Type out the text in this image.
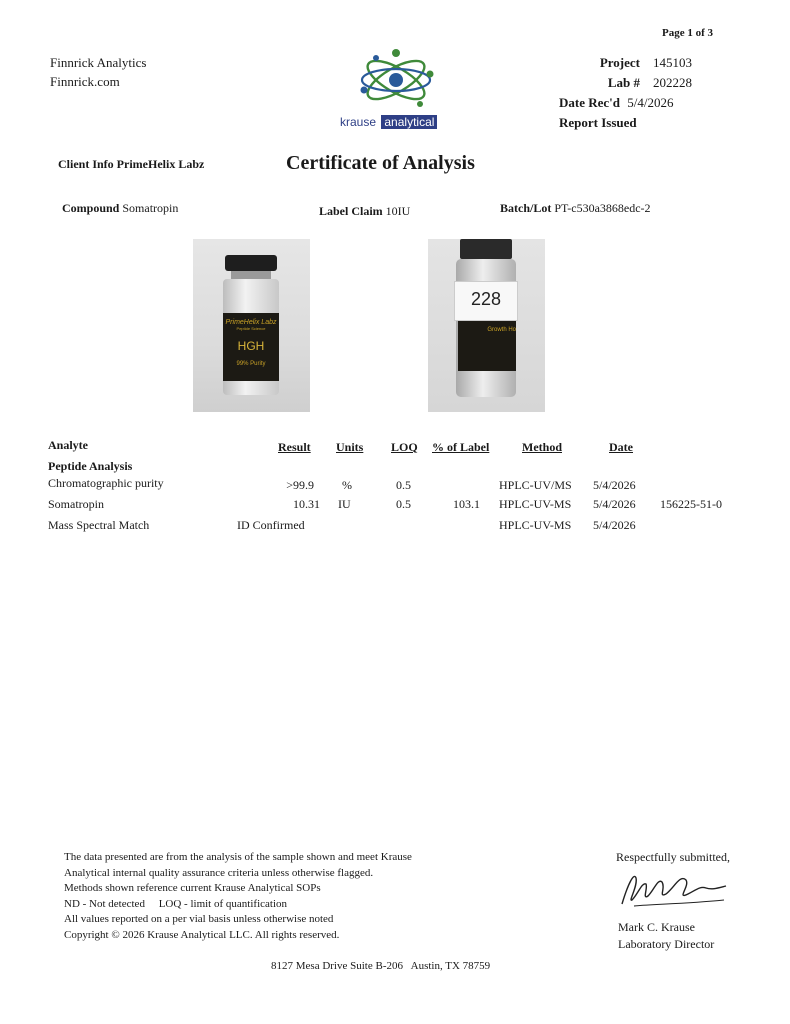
Page 1 of 3
Finnrick Analytics
Finnrick.com
krause analytical
Project 145103
Lab # 202228
Date Rec'd 5/4/2026
Report Issued
Client Info PrimeHelix Labz	Certificate of Analysis
Compound Somatropin	Label Claim 10IU	Batch/Lot PT-c530a3868edc-2
PrimeHelix Labz
Peptide Science
HGH
99% Purity
228
Growth Ho
Analyte	Result Units LOQ % of Label	Method	Date
Peptide Analysis
Chromatographic purity	>99.9 %	0.5	HPLC-UV/MS 5/4/2026
Somatropin	10.31 IU	0.5	103.1 HPLC-UV-MS 5/4/2026 156225-51-0
Mass Spectral Match	ID Confirmed	HPLC-UV-MS 5/4/2026
The data presented are from the analysis of the sample shown and meet Krause
Analytical internal quality assurance criteria unless otherwise flagged.
Methods shown reference current Krause Analytical SOPs
ND - Not detected     LOQ - limit of quantification
All values reported on a per vial basis unless otherwise noted
Copyright © 2026 Krause Analytical LLC. All rights reserved.
Respectfully submitted,
Mark C. Krause
Laboratory Director
8127 Mesa Drive Suite B-206   Austin, TX 78759
